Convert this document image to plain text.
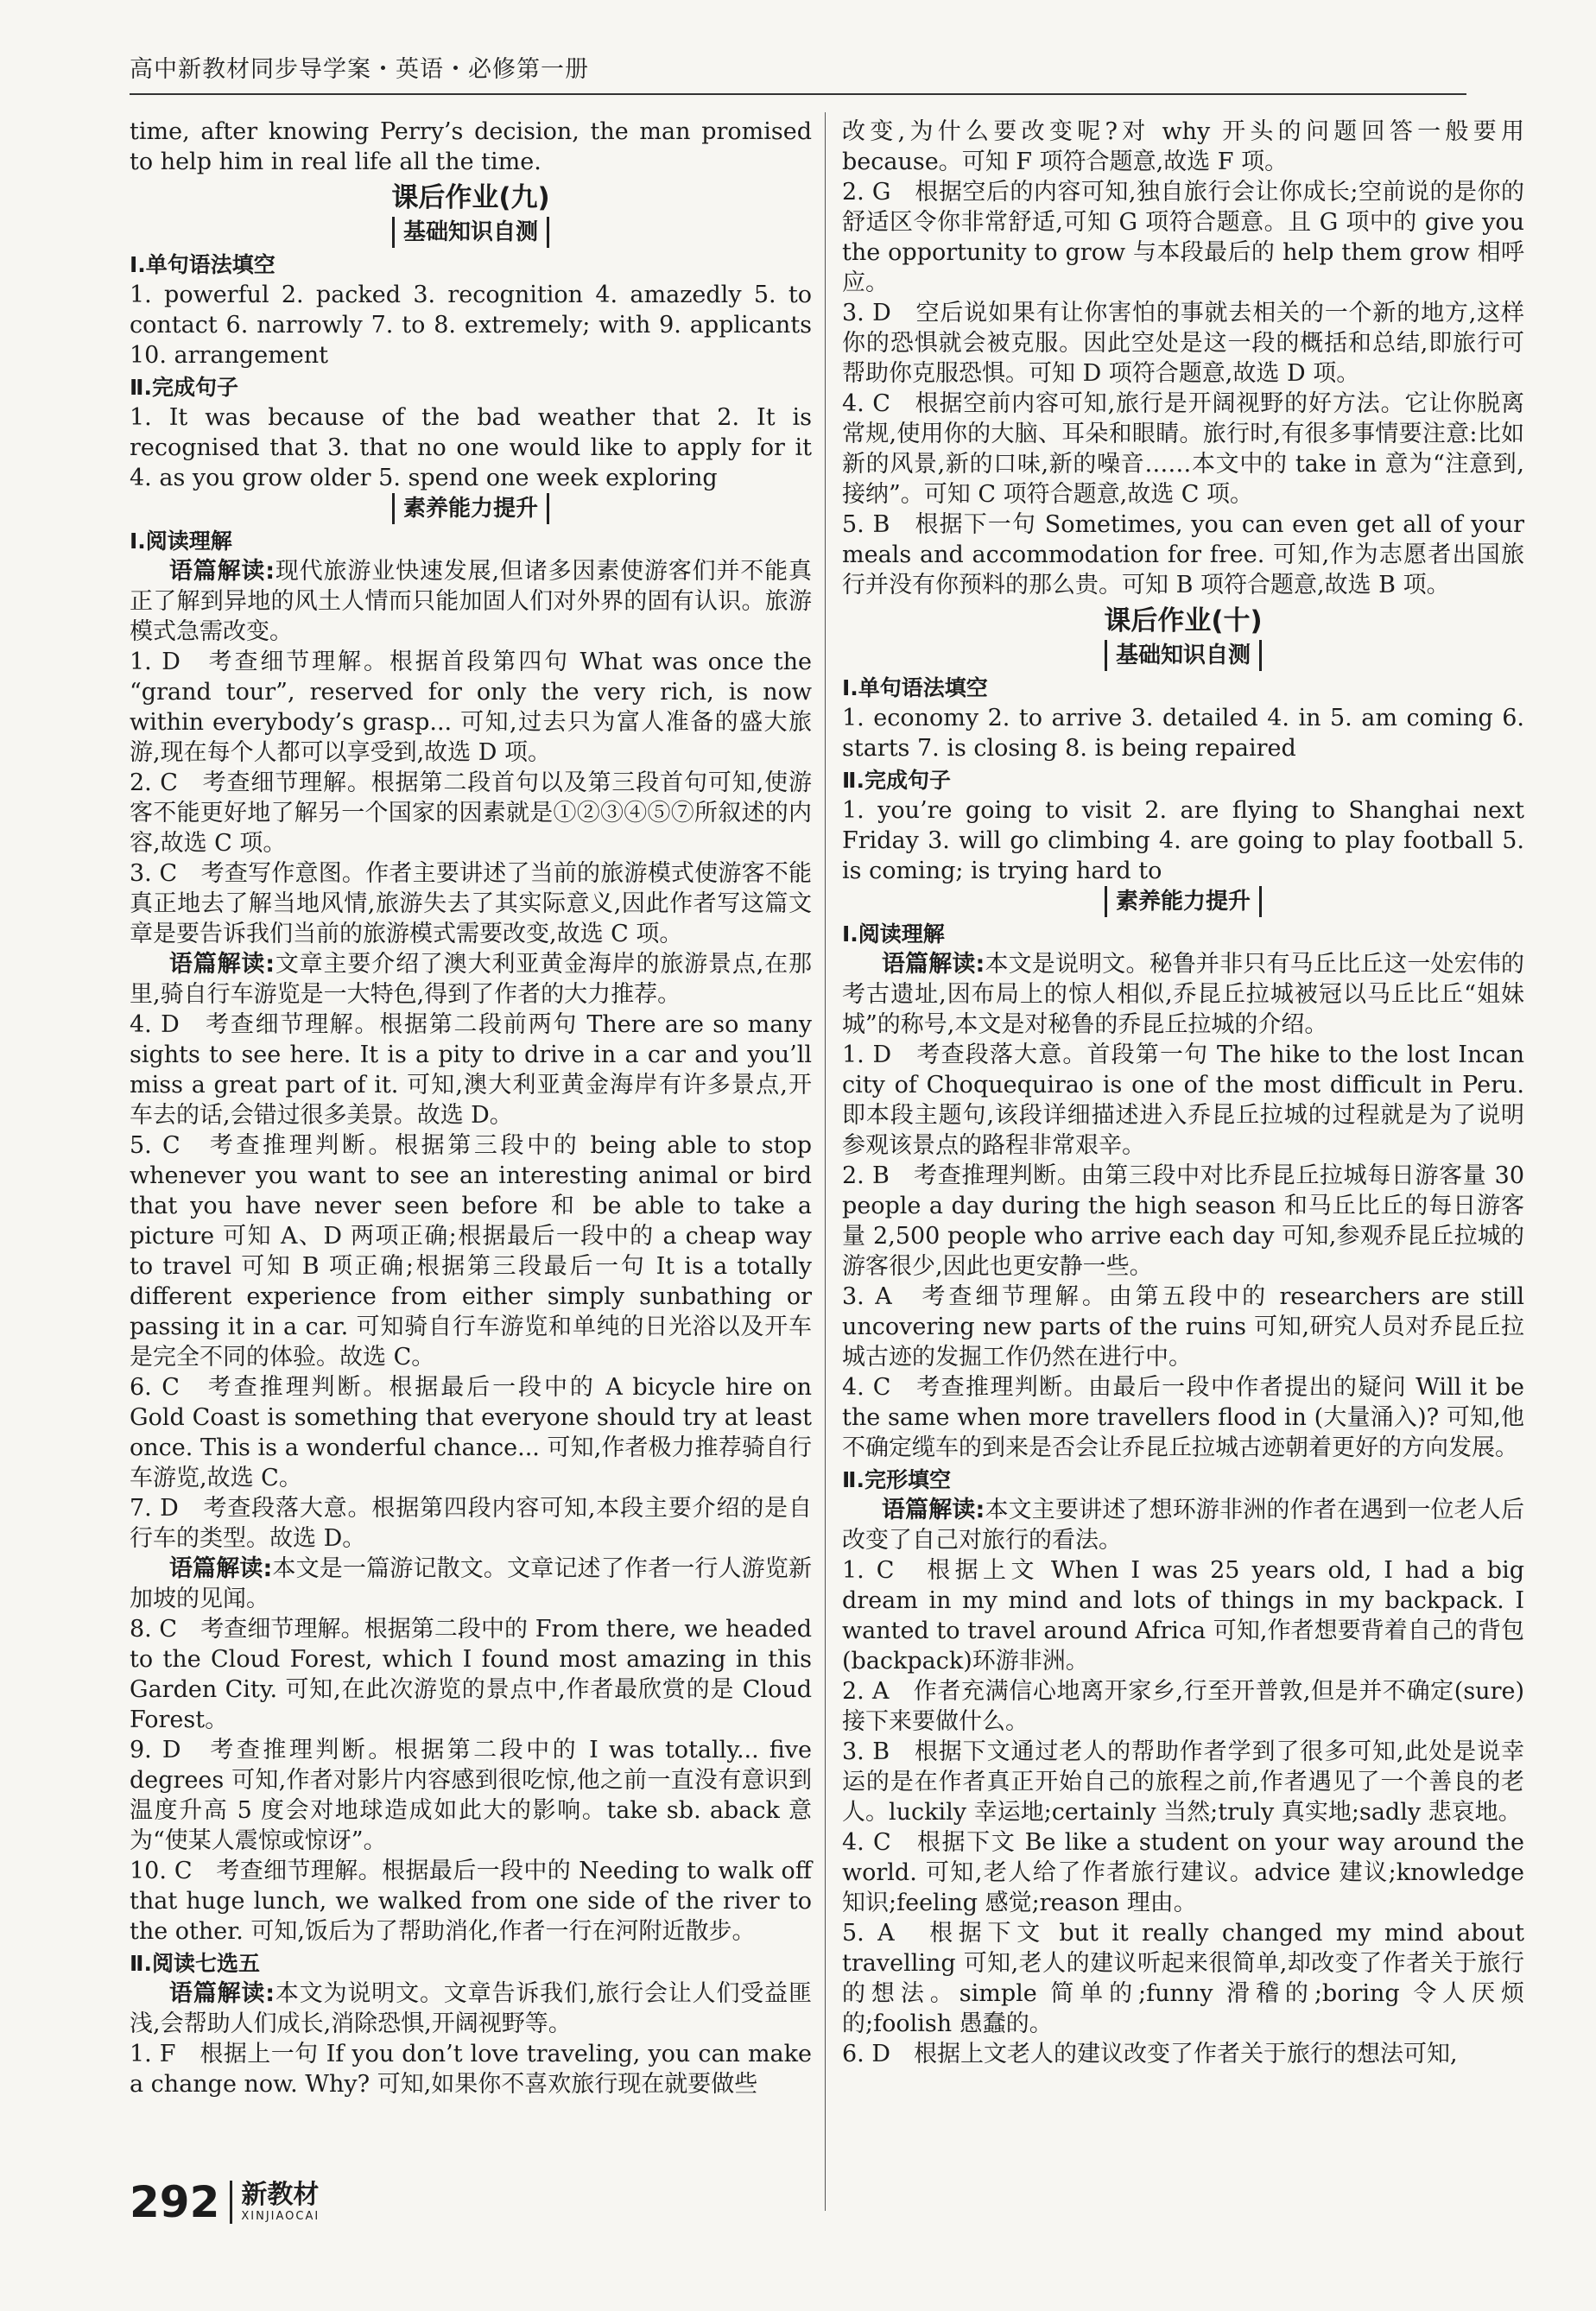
高中新教材同步导学案・英语・必修第一册

time, after knowing Perry’s decision, the man promised to help him in real life all the time.

课后作业(九)
基础知识自测
Ⅰ.单句语法填空

1. powerful 2. packed 3. recognition 4. amazedly 5. to contact 6. narrowly 7. to 8. extremely; with 9. applicants 10. arrangement

Ⅱ.完成句子

1. It was because of the bad weather that 2. It is recognised that 3. that no one would like to apply for it 4. as you grow older 5. spend one week exploring

素养能力提升
Ⅰ.阅读理解

语篇解读:现代旅游业快速发展,但诸多因素使游客们并不能真正了解到异地的风土人情而只能加固人们对外界的固有认识。旅游模式急需改变。

1. D　考查细节理解。根据首段第四句 What was once the “grand tour”, reserved for only the very rich, is now within everybody’s grasp... 可知,过去只为富人准备的盛大旅游,现在每个人都可以享受到,故选 D 项。

2. C　考查细节理解。根据第二段首句以及第三段首句可知,使游客不能更好地了解另一个国家的因素就是①②③④⑤⑦所叙述的内容,故选 C 项。

3. C　考查写作意图。作者主要讲述了当前的旅游模式使游客不能真正地去了解当地风情,旅游失去了其实际意义,因此作者写这篇文章是要告诉我们当前的旅游模式需要改变,故选 C 项。

语篇解读:文章主要介绍了澳大利亚黄金海岸的旅游景点,在那里,骑自行车游览是一大特色,得到了作者的大力推荐。

4. D　考查细节理解。根据第二段前两句 There are so many sights to see here. It is a pity to drive in a car and you’ll miss a great part of it. 可知,澳大利亚黄金海岸有许多景点,开车去的话,会错过很多美景。故选 D。

5. C　考查推理判断。根据第三段中的 being able to stop whenever you want to see an interesting animal or bird that you have never seen before 和 be able to take a picture 可知 A、D 两项正确;根据最后一段中的 a cheap way to travel 可知 B 项正确;根据第三段最后一句 It is a totally different experience from either simply sunbathing or passing it in a car. 可知骑自行车游览和单纯的日光浴以及开车是完全不同的体验。故选 C。

6. C　考查推理判断。根据最后一段中的 A bicycle hire on Gold Coast is something that everyone should try at least once. This is a wonderful chance... 可知,作者极力推荐骑自行车游览,故选 C。

7. D　考查段落大意。根据第四段内容可知,本段主要介绍的是自行车的类型。故选 D。

语篇解读:本文是一篇游记散文。文章记述了作者一行人游览新加坡的见闻。

8. C　考查细节理解。根据第二段中的 From there, we headed to the Cloud Forest, which I found most amazing in this Garden City. 可知,在此次游览的景点中,作者最欣赏的是 Cloud Forest。

9. D　考查推理判断。根据第二段中的 I was totally... five degrees 可知,作者对影片内容感到很吃惊,他之前一直没有意识到温度升高 5 度会对地球造成如此大的影响。take sb. aback 意为“使某人震惊或惊讶”。

10. C　考查细节理解。根据最后一段中的 Needing to walk off that huge lunch, we walked from one side of the river to the other. 可知,饭后为了帮助消化,作者一行在河附近散步。

Ⅱ.阅读七选五

语篇解读:本文为说明文。文章告诉我们,旅行会让人们受益匪浅,会帮助人们成长,消除恐惧,开阔视野等。

1. F　根据上一句 If you don’t love traveling, you can make a change now. Why? 可知,如果你不喜欢旅行现在就要做些

改变,为什么要改变呢?对 why 开头的问题回答一般要用 because。可知 F 项符合题意,故选 F 项。

2. G　根据空后的内容可知,独自旅行会让你成长;空前说的是你的舒适区令你非常舒适,可知 G 项符合题意。且 G 项中的 give you the opportunity to grow 与本段最后的 help them grow 相呼应。

3. D　空后说如果有让你害怕的事就去相关的一个新的地方,这样你的恐惧就会被克服。因此空处是这一段的概括和总结,即旅行可帮助你克服恐惧。可知 D 项符合题意,故选 D 项。

4. C　根据空前内容可知,旅行是开阔视野的好方法。它让你脱离常规,使用你的大脑、耳朵和眼睛。旅行时,有很多事情要注意:比如新的风景,新的口味,新的噪音……本文中的 take in 意为“注意到,接纳”。可知 C 项符合题意,故选 C 项。

5. B　根据下一句 Sometimes, you can even get all of your meals and accommodation for free. 可知,作为志愿者出国旅行并没有你预料的那么贵。可知 B 项符合题意,故选 B 项。

课后作业(十)
基础知识自测
Ⅰ.单句语法填空

1. economy 2. to arrive 3. detailed 4. in 5. am coming 6. starts 7. is closing 8. is being repaired

Ⅱ.完成句子

1. you’re going to visit 2. are flying to Shanghai next Friday 3. will go climbing 4. are going to play football 5. is coming; is trying hard to

素养能力提升
Ⅰ.阅读理解

语篇解读:本文是说明文。秘鲁并非只有马丘比丘这一处宏伟的考古遗址,因布局上的惊人相似,乔昆丘拉城被冠以马丘比丘“姐妹城”的称号,本文是对秘鲁的乔昆丘拉城的介绍。

1. D　考查段落大意。首段第一句 The hike to the lost Incan city of Choquequirao is one of the most difficult in Peru. 即本段主题句,该段详细描述进入乔昆丘拉城的过程就是为了说明参观该景点的路程非常艰辛。

2. B　考查推理判断。由第三段中对比乔昆丘拉城每日游客量 30 people a day during the high season 和马丘比丘的每日游客量 2,500 people who arrive each day 可知,参观乔昆丘拉城的游客很少,因此也更安静一些。

3. A　考查细节理解。由第五段中的 researchers are still uncovering new parts of the ruins 可知,研究人员对乔昆丘拉城古迹的发掘工作仍然在进行中。

4. C　考查推理判断。由最后一段中作者提出的疑问 Will it be the same when more travellers flood in (大量涌入)? 可知,他不确定缆车的到来是否会让乔昆丘拉城古迹朝着更好的方向发展。

Ⅱ.完形填空

语篇解读:本文主要讲述了想环游非洲的作者在遇到一位老人后改变了自己对旅行的看法。

1. C　根据上文 When I was 25 years old, I had a big dream in my mind and lots of things in my backpack. I wanted to travel around Africa 可知,作者想要背着自己的背包(backpack)环游非洲。

2. A　作者充满信心地离开家乡,行至开普敦,但是并不确定(sure)接下来要做什么。

3. B　根据下文通过老人的帮助作者学到了很多可知,此处是说幸运的是在作者真正开始自己的旅程之前,作者遇见了一个善良的老人。luckily 幸运地;certainly 当然;truly 真实地;sadly 悲哀地。

4. C　根据下文 Be like a student on your way around the world. 可知,老人给了作者旅行建议。advice 建议;knowledge 知识;feeling 感觉;reason 理由。

5. A　根据下文 but it really changed my mind about travelling 可知,老人的建议听起来很简单,却改变了作者关于旅行的想法。simple 简单的;funny 滑稽的;boring 令人厌烦的;foolish 愚蠢的。

6. D　根据上文老人的建议改变了作者关于旅行的想法可知,

292 新教材
XINJIAOCAI
